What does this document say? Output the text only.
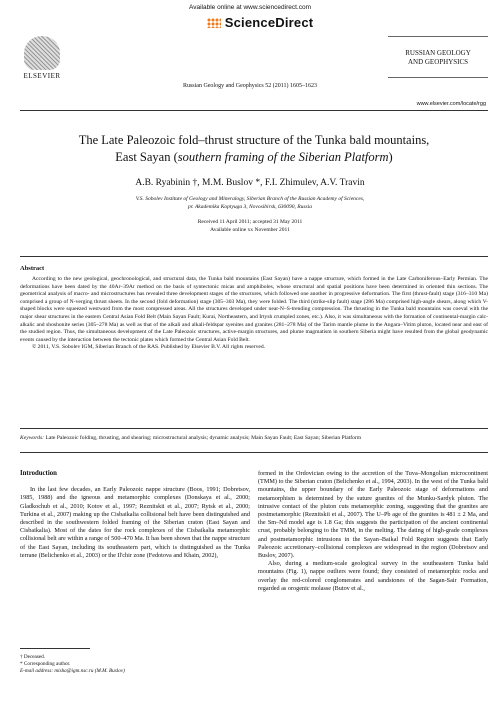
Available online at www.sciencedirect.com
ELSEVIER
ScienceDirect
RUSSIAN GEOLOGY
AND GEOPHYSICS
Russian Geology and Geophysics 52 (2011) 1605–1623
www.elsevier.com/locate/rgg
The Late Paleozoic fold–thrust structure of the Tunka bald mountains,
East Sayan (southern framing of the Siberian Platform)
A.B. Ryabinin †, M.M. Buslov *, F.I. Zhimulev, A.V. Travin
V.S. Sobolev Institute of Geology and Mineralogy, Siberian Branch of the Russian Academy of Sciences,
pr. Akademika Koptyuga 3, Novosibirsk, 630090, Russia
Received 11 April 2011; accepted 31 May 2011
Available online xx November 2011
Abstract
According to the new geological, geochronological, and structural data, the Tunka bald mountains (East Sayan) have a nappe structure, which formed in the Late Carboniferous–Early Permian. The deformations have been dated by the 40Ar–39Ar method on the basis of syntectonic micas and amphiboles, whose structural and spatial positions have been determined in oriented thin sections. The geometrical analysis of macro- and microstructures has revealed three development stages of the structures, which followed one another in progressive deformation. The first (thrust-fault) stage (316–310 Ma) comprised a group of N-verging thrust sheets. In the second (fold deformation) stage (305–303 Ma), they were folded. The third (strike-slip fault) stage (286 Ma) comprised high-angle shears, along which V-shaped blocks were squeezed westward from the most compressed areas. All the structures developed under near-N–S-trending compression. The thrusting in the Tunka bald mountains was coeval with the major shear structures in the eastern Central Asian Fold Belt (Main Sayan Fault; Kurai, Northeastern, and Irtysh crumpled zones, etc.). Also, it was simultaneous with the formation of continental-margin calc-alkalic and shoshonite series (305–278 Ma) as well as that of the alkali and alkali-feldspar syenites and granites (281–278 Ma) of the Tarim mantle plume in the Angara–Vitim pluton, located near and east of the studied region. Thus, the simultaneous development of the Late Paleozoic structures, active-margin structures, and plume magmatism in southern Siberia might have resulted from the global geodynamic events caused by the interaction between the tectonic plates which formed the Central Asian Fold Belt.
© 2011, V.S. Sobolev IGM, Siberian Branch of the RAS. Published by Elsevier B.V. All rights reserved.
Keywords: Late Paleozoic folding, thrusting, and shearing; microstructural analysis; dynamic analysis; Main Sayan Fault; East Sayan; Siberian Platform
Introduction

In the last few decades, an Early Paleozoic nappe structure (Boos, 1991; Dobretsov, 1985, 1988) and the igneous and metamorphic complexes (Donskaya et al., 2000; Gladkochub et al., 2010; Kotov et al., 1997; Reznitskii et al., 2007; Rytsk et al., 2000; Turkina et al., 2007) making up the Cisbaikalia collisional belt have been distinguished and described in the southwestern folded framing of the Siberian craton (East Sayan and Cisbaikalia). Most of the dates for the rock complexes of the Cisbaikalia metamorphic collisional belt are within a range of 500–470 Ma. It has been shown that the nappe structure of the East Sayan, including its southeastern part, which is distinguished as the Tunka terrane (Belichenko et al., 2003) or the Il'chir zone (Fedotova and Khain, 2002),

formed in the Ordovician owing to the accretion of the Tuva–Mongolian microcontinent (TMM) to the Siberian craton (Belichenko et al., 1994, 2003). In the west of the Tunka bald mountains, the upper boundary of the Early Paleozoic stage of deformations and metamorphism is determined by the suture granites of the Munku-Sardyk pluton. The intrusive contact of the pluton cuts metamorphic zoning, suggesting that the granites are postmetamorphic (Reznitskii et al., 2007). The U–Pb age of the granites is 481 ± 2 Ma, and the Sm–Nd model age is 1.8 Ga; this suggests the participation of the ancient continental crust, probably belonging to the TMM, in the melting. The dating of high-grade complexes and postmetamorphic intrusions in the Sayan–Baikal Fold Region suggests that Early Paleozoic accretionary–collisional complexes are widespread in the region (Dobretsov and Buslov, 2007).

Also, during a medium-scale geological survey in the southeastern Tunka bald mountains (Fig. 1), nappe outliers were found; they consisted of metamorphic rocks and overlay the red-colored conglomerates and sandstones of the Sagan-Sair Formation, regarded as orogenic molasse (Butov et al.,

† Deceased.
* Corresponding author.
E-mail address: misha@igm.nsc.ru (M.M. Buslov)
